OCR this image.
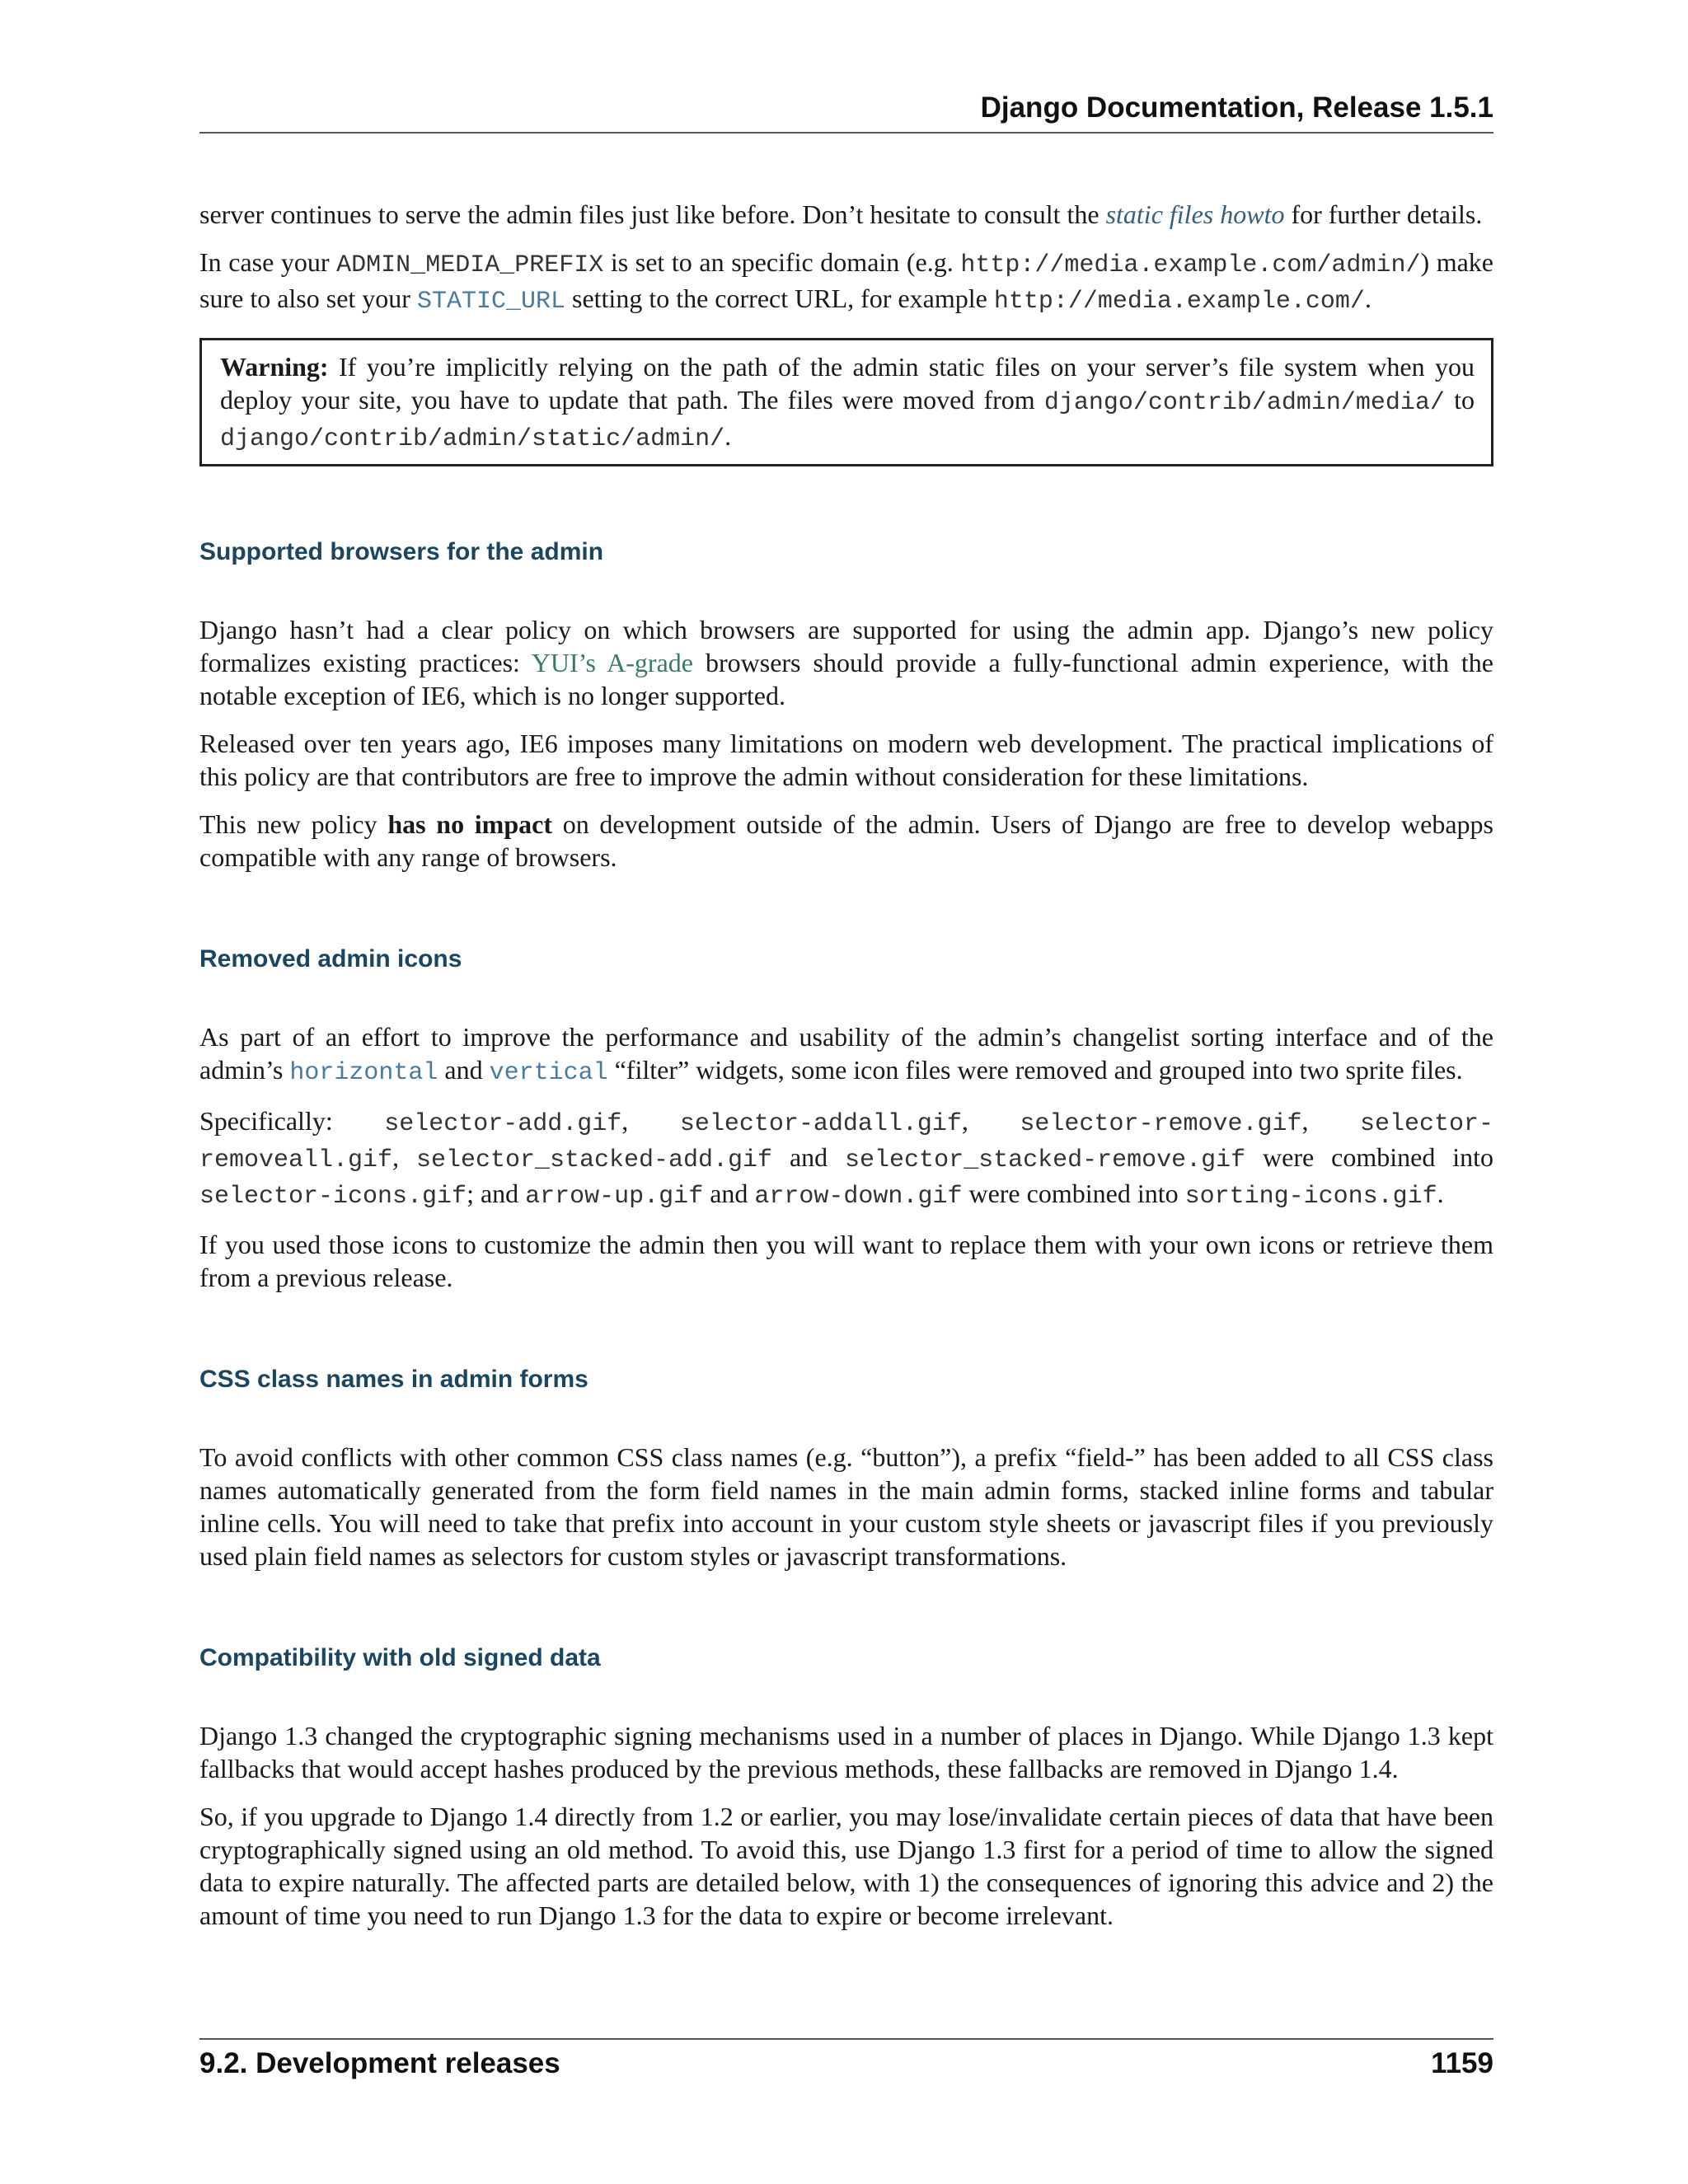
Django Documentation, Release 1.5.1

server continues to serve the admin files just like before. Don’t hesitate to consult the static files howto for further details.

In case your ADMIN_MEDIA_PREFIX is set to an specific domain (e.g. http://media.example.com/admin/) make sure to also set your STATIC_URL setting to the correct URL, for example http://media.example.com/.

Warning: If you’re implicitly relying on the path of the admin static files on your server’s file system when you deploy your site, you have to update that path. The files were moved from django/contrib/admin/media/ to django/contrib/admin/static/admin/.

Supported browsers for the admin

Django hasn’t had a clear policy on which browsers are supported for using the admin app. Django’s new policy formalizes existing practices: YUI’s A-grade browsers should provide a fully-functional admin experience, with the notable exception of IE6, which is no longer supported.

Released over ten years ago, IE6 imposes many limitations on modern web development. The practical implications of this policy are that contributors are free to improve the admin without consideration for these limitations.

This new policy has no impact on development outside of the admin. Users of Django are free to develop webapps compatible with any range of browsers.

Removed admin icons

As part of an effort to improve the performance and usability of the admin’s changelist sorting interface and of the admin’s horizontal and vertical “filter” widgets, some icon files were removed and grouped into two sprite files.

Specifically: selector-add.gif, selector-addall.gif, selector-remove.gif, selector-removeall.gif, selector_stacked-add.gif and selector_stacked-remove.gif were combined into selector-icons.gif; and arrow-up.gif and arrow-down.gif were combined into sorting-icons.gif.

If you used those icons to customize the admin then you will want to replace them with your own icons or retrieve them from a previous release.

CSS class names in admin forms

To avoid conflicts with other common CSS class names (e.g. “button”), a prefix “field-” has been added to all CSS class names automatically generated from the form field names in the main admin forms, stacked inline forms and tabular inline cells. You will need to take that prefix into account in your custom style sheets or javascript files if you previously used plain field names as selectors for custom styles or javascript transformations.

Compatibility with old signed data

Django 1.3 changed the cryptographic signing mechanisms used in a number of places in Django. While Django 1.3 kept fallbacks that would accept hashes produced by the previous methods, these fallbacks are removed in Django 1.4.

So, if you upgrade to Django 1.4 directly from 1.2 or earlier, you may lose/invalidate certain pieces of data that have been cryptographically signed using an old method. To avoid this, use Django 1.3 first for a period of time to allow the signed data to expire naturally. The affected parts are detailed below, with 1) the consequences of ignoring this advice and 2) the amount of time you need to run Django 1.3 for the data to expire or become irrelevant.

9.2. Development releases	1159
